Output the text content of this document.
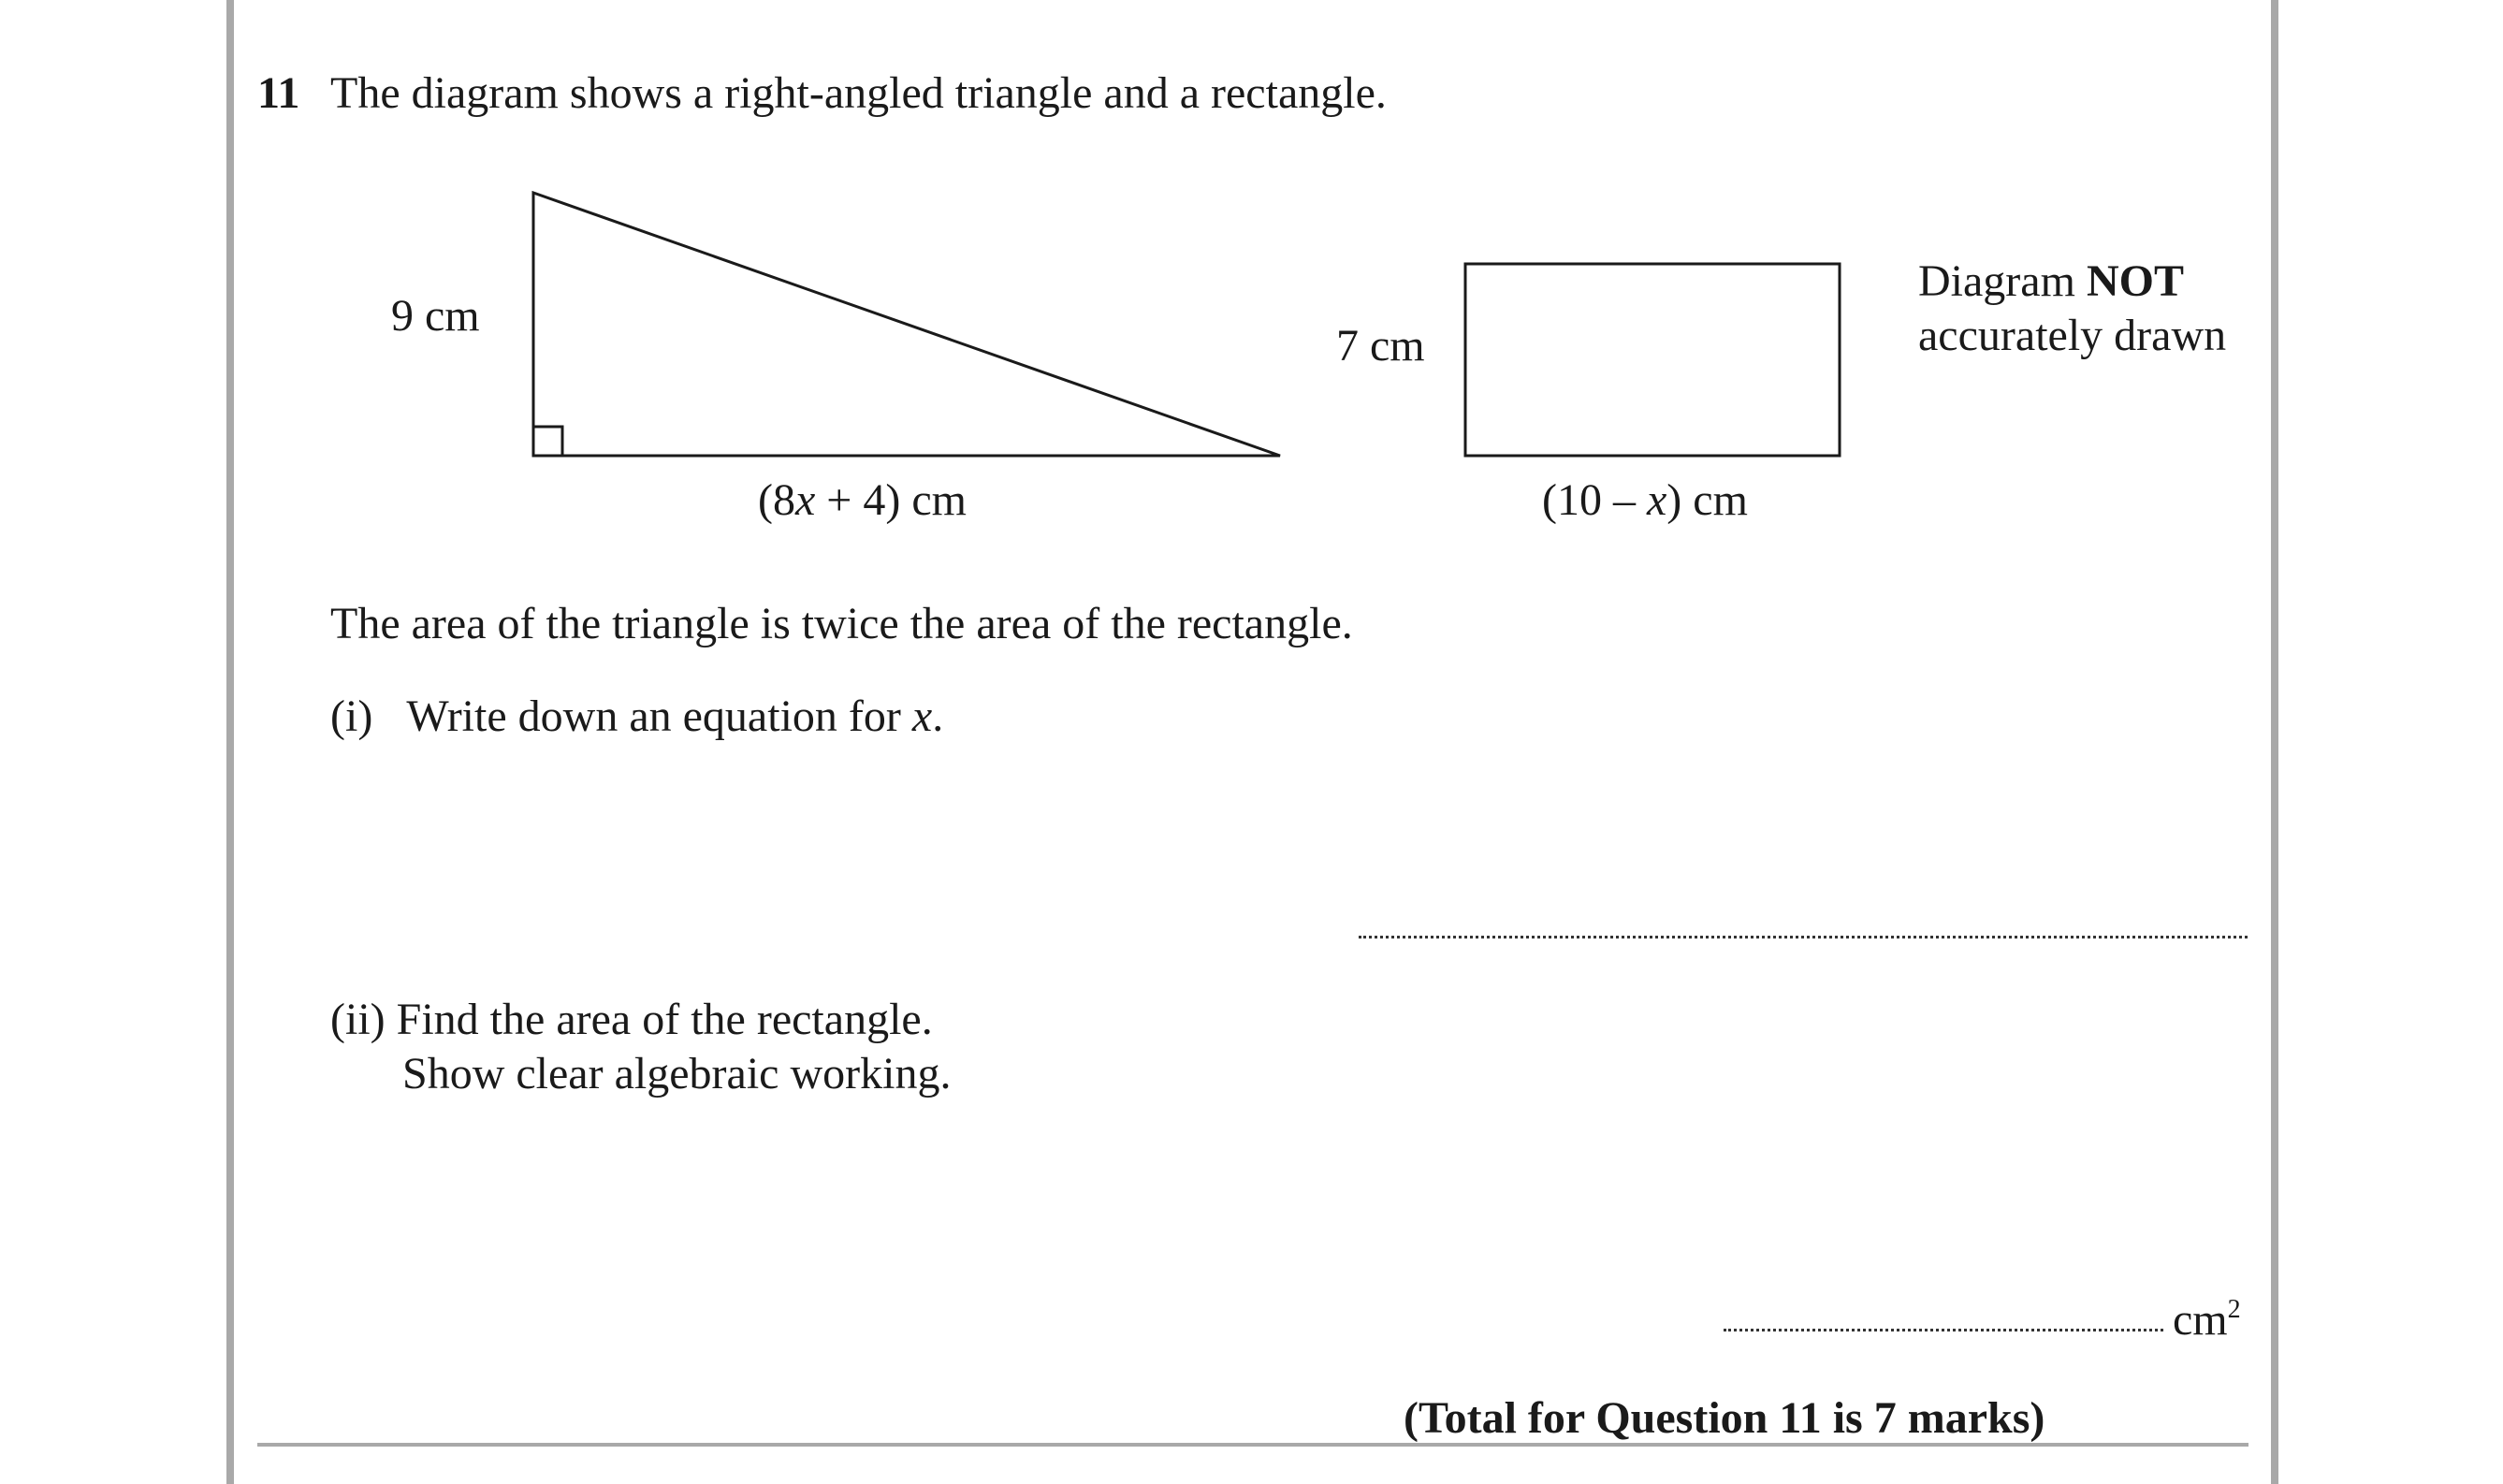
11 The diagram shows a right-angled triangle and a rectangle.
9 cm
7 cm
(8x + 4) cm	(10 – x) cm
Diagram NOT
accurately drawn
The area of the triangle is twice the area of the rectangle.
(i) Write down an equation for x.
(ii) Find the area of the rectangle.
Show clear algebraic working.
$cm^2$
(Total for Question 11 is 7 marks)
